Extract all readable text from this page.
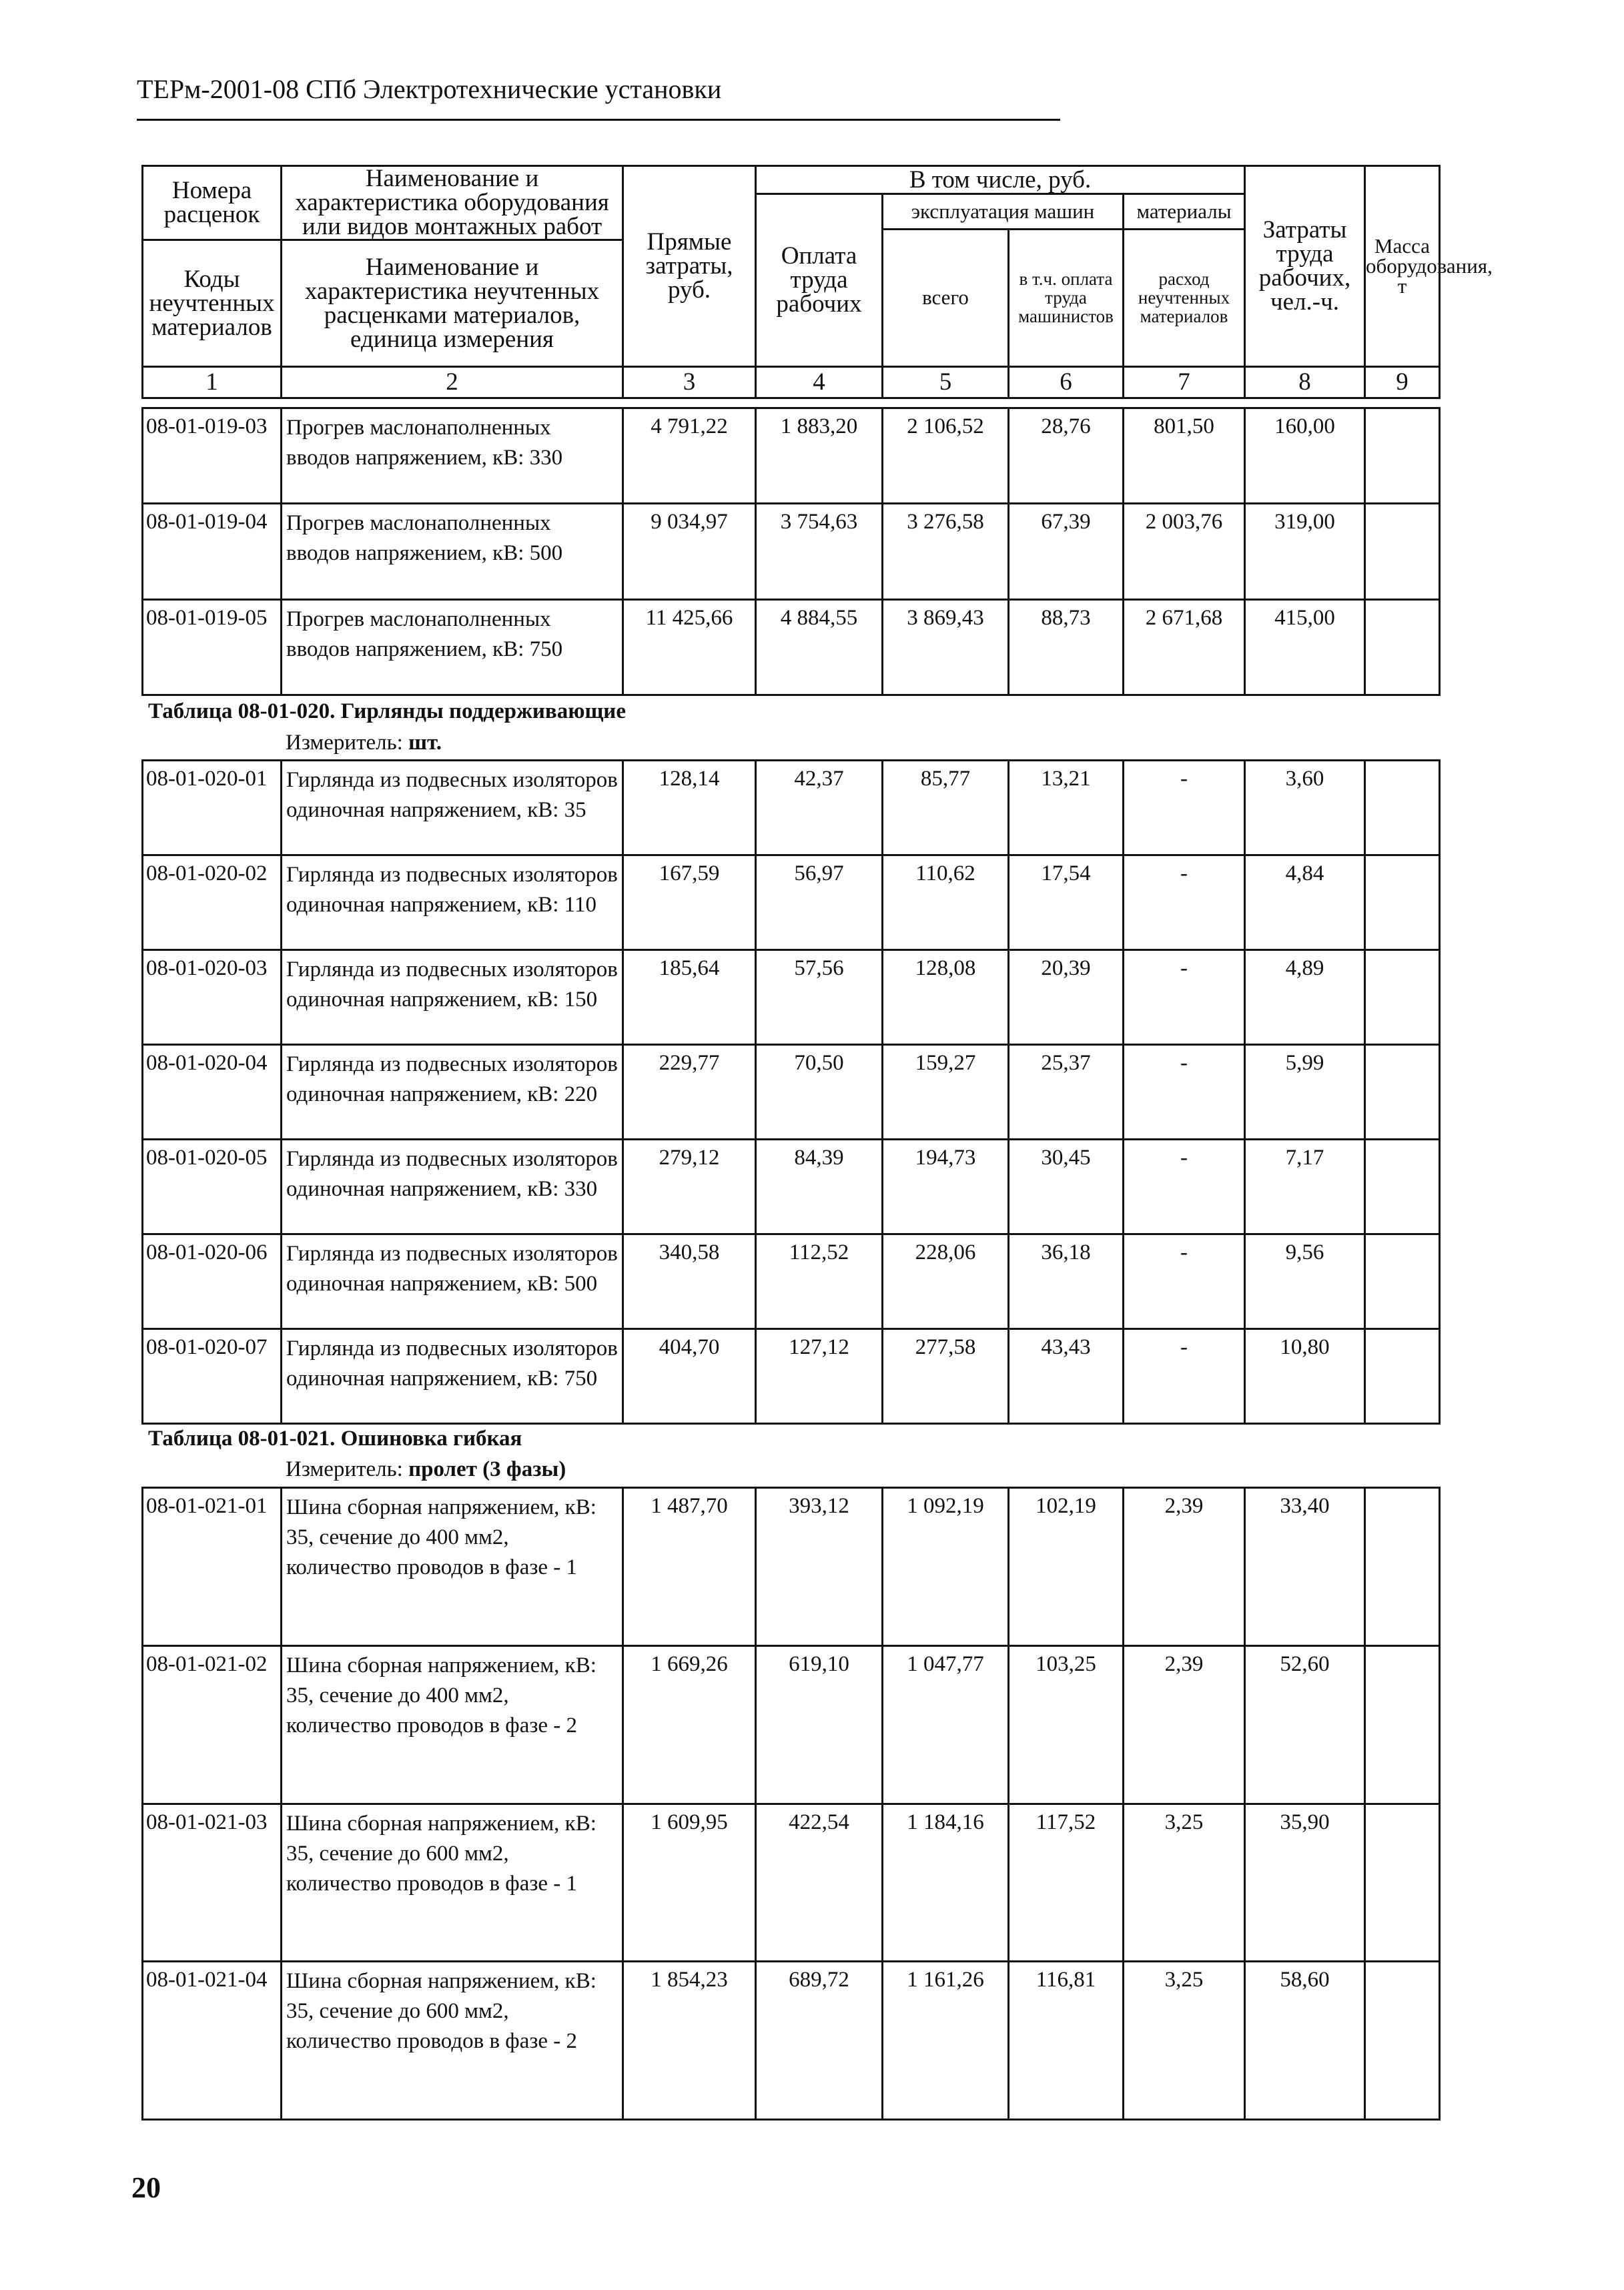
ТЕРм-2001-08 СПб Электротехнические установки
Номера расценок	Наименование и характеристика оборудования или видов монтажных работ	Прямые затраты, руб.	В том числе, руб.				Затраты труда рабочих, чел.-ч.	Масса оборудования, т
			Оплата труда рабочих	эксплуатация машин		материалы		
				всего	в т.ч. оплата труда машинистов	расход неучтенных материалов		
Коды неучтенных материалов	Наименование и характеристика неучтенных расценками материалов, единица измерения							

1	2	3	4	5	6	7	8	9
08-01-019-03	Прогрев маслонаполненных вводов напряжением, кВ: 330	4 791,22	1 883,20	2 106,52	28,76	801,50	160,00	
08-01-019-04	Прогрев маслонаполненных вводов напряжением, кВ: 500	9 034,97	3 754,63	3 276,58	67,39	2 003,76	319,00	
08-01-019-05	Прогрев маслонаполненных вводов напряжением, кВ: 750	11 425,66	4 884,55	3 869,43	88,73	2 671,68	415,00	
Таблица 08-01-020. Гирлянды поддерживающие
Измеритель: шт.
08-01-020-01	Гирлянда из подвесных изоляторов одиночная напряжением, кВ: 35	128,14	42,37	85,77	13,21	-	3,60	
08-01-020-02	Гирлянда из подвесных изоляторов одиночная напряжением, кВ: 110	167,59	56,97	110,62	17,54	-	4,84	
08-01-020-03	Гирлянда из подвесных изоляторов одиночная напряжением, кВ: 150	185,64	57,56	128,08	20,39	-	4,89	
08-01-020-04	Гирлянда из подвесных изоляторов одиночная напряжением, кВ: 220	229,77	70,50	159,27	25,37	-	5,99	
08-01-020-05	Гирлянда из подвесных изоляторов одиночная напряжением, кВ: 330	279,12	84,39	194,73	30,45	-	7,17	
08-01-020-06	Гирлянда из подвесных изоляторов одиночная напряжением, кВ: 500	340,58	112,52	228,06	36,18	-	9,56	
08-01-020-07	Гирлянда из подвесных изоляторов одиночная напряжением, кВ: 750	404,70	127,12	277,58	43,43	-	10,80	
Таблица 08-01-021. Ошиновка гибкая
Измеритель: пролет (3 фазы)
08-01-021-01	Шина сборная напряжением, кВ: 35, сечение до 400 мм2, количество проводов в фазе - 1	1 487,70	393,12	1 092,19	102,19	2,39	33,40	
08-01-021-02	Шина сборная напряжением, кВ: 35, сечение до 400 мм2, количество проводов в фазе - 2	1 669,26	619,10	1 047,77	103,25	2,39	52,60	
08-01-021-03	Шина сборная напряжением, кВ: 35, сечение до 600 мм2, количество проводов в фазе - 1	1 609,95	422,54	1 184,16	117,52	3,25	35,90	
08-01-021-04	Шина сборная напряжением, кВ: 35, сечение до 600 мм2, количество проводов в фазе - 2	1 854,23	689,72	1 161,26	116,81	3,25	58,60	
20
